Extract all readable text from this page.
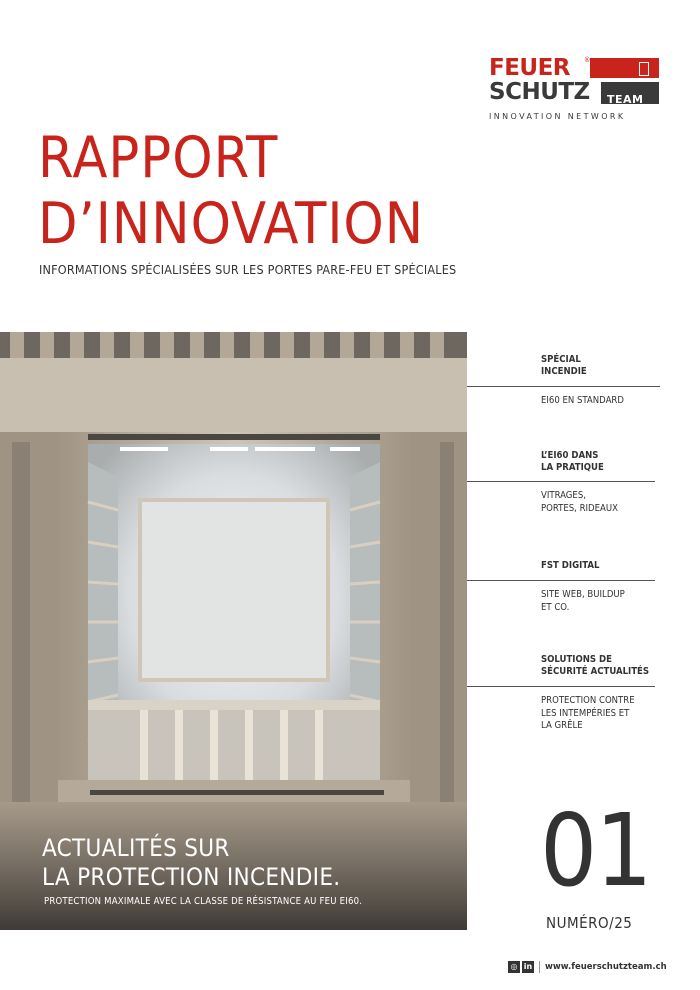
FEUER ®
SCHUTZ TEAM
INNOVATION NETWORK
RAPPORT
D’INNOVATION
INFORMATIONS SPÉCIALISÉES SUR LES PORTES PARE-FEU ET SPÉCIALES
ACTUALITÉS SUR
LA PROTECTION INCENDIE.
PROTECTION MAXIMALE AVEC LA CLASSE DE RÉSISTANCE AU FEU EI60.
SPÉCIAL
INCENDIE
EI60 EN STANDARD
L’EI60 DANS
LA PRATIQUE
VITRAGES,
PORTES, RIDEAUX
FST DIGITAL
SITE WEB, BUILDUP
ET CO.
SOLUTIONS DE
SÉCURITÉ ACTUALITÉS
PROTECTION CONTRE
LES INTEMPÉRIES ET
LA GRÊLE
01
NUMÉRO/25
◎ in www.feuerschutzteam.ch
